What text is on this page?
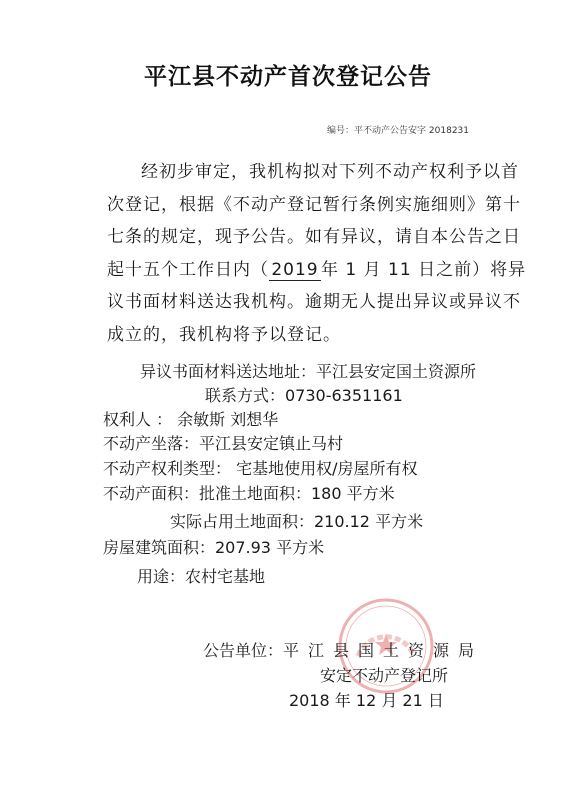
平江县不动产首次登记公告
编号：平不动产公告安字 2018231
经初步审定，我机构拟对下列不动产权利予以首
次登记，根据《不动产登记暂行条例实施细则》第十
七条的规定，现予公告。如有异议，请自本公告之日
起十五个工作日内（ 2019 年 1 月 11 日之前）将异
议书面材料送达我机构。逾期无人提出异议或异议不
成立的，我机构将予以登记。
异议书面材料送达地址：平江县安定国土资源所
联系方式：0730-6351161
权利人 ： 余敏斯 刘想华
不动产坐落：平江县安定镇止马村
不动产权利类型： 宅基地使用权/房屋所有权
不动产面积：批准土地面积：180 平方米
实际占用土地面积：210.12 平方米
房屋建筑面积：207.93 平方米
用途：农村宅基地
公告单位：平江县国土资源局
安定不动产登记所
2018 年 12 月 21 日
